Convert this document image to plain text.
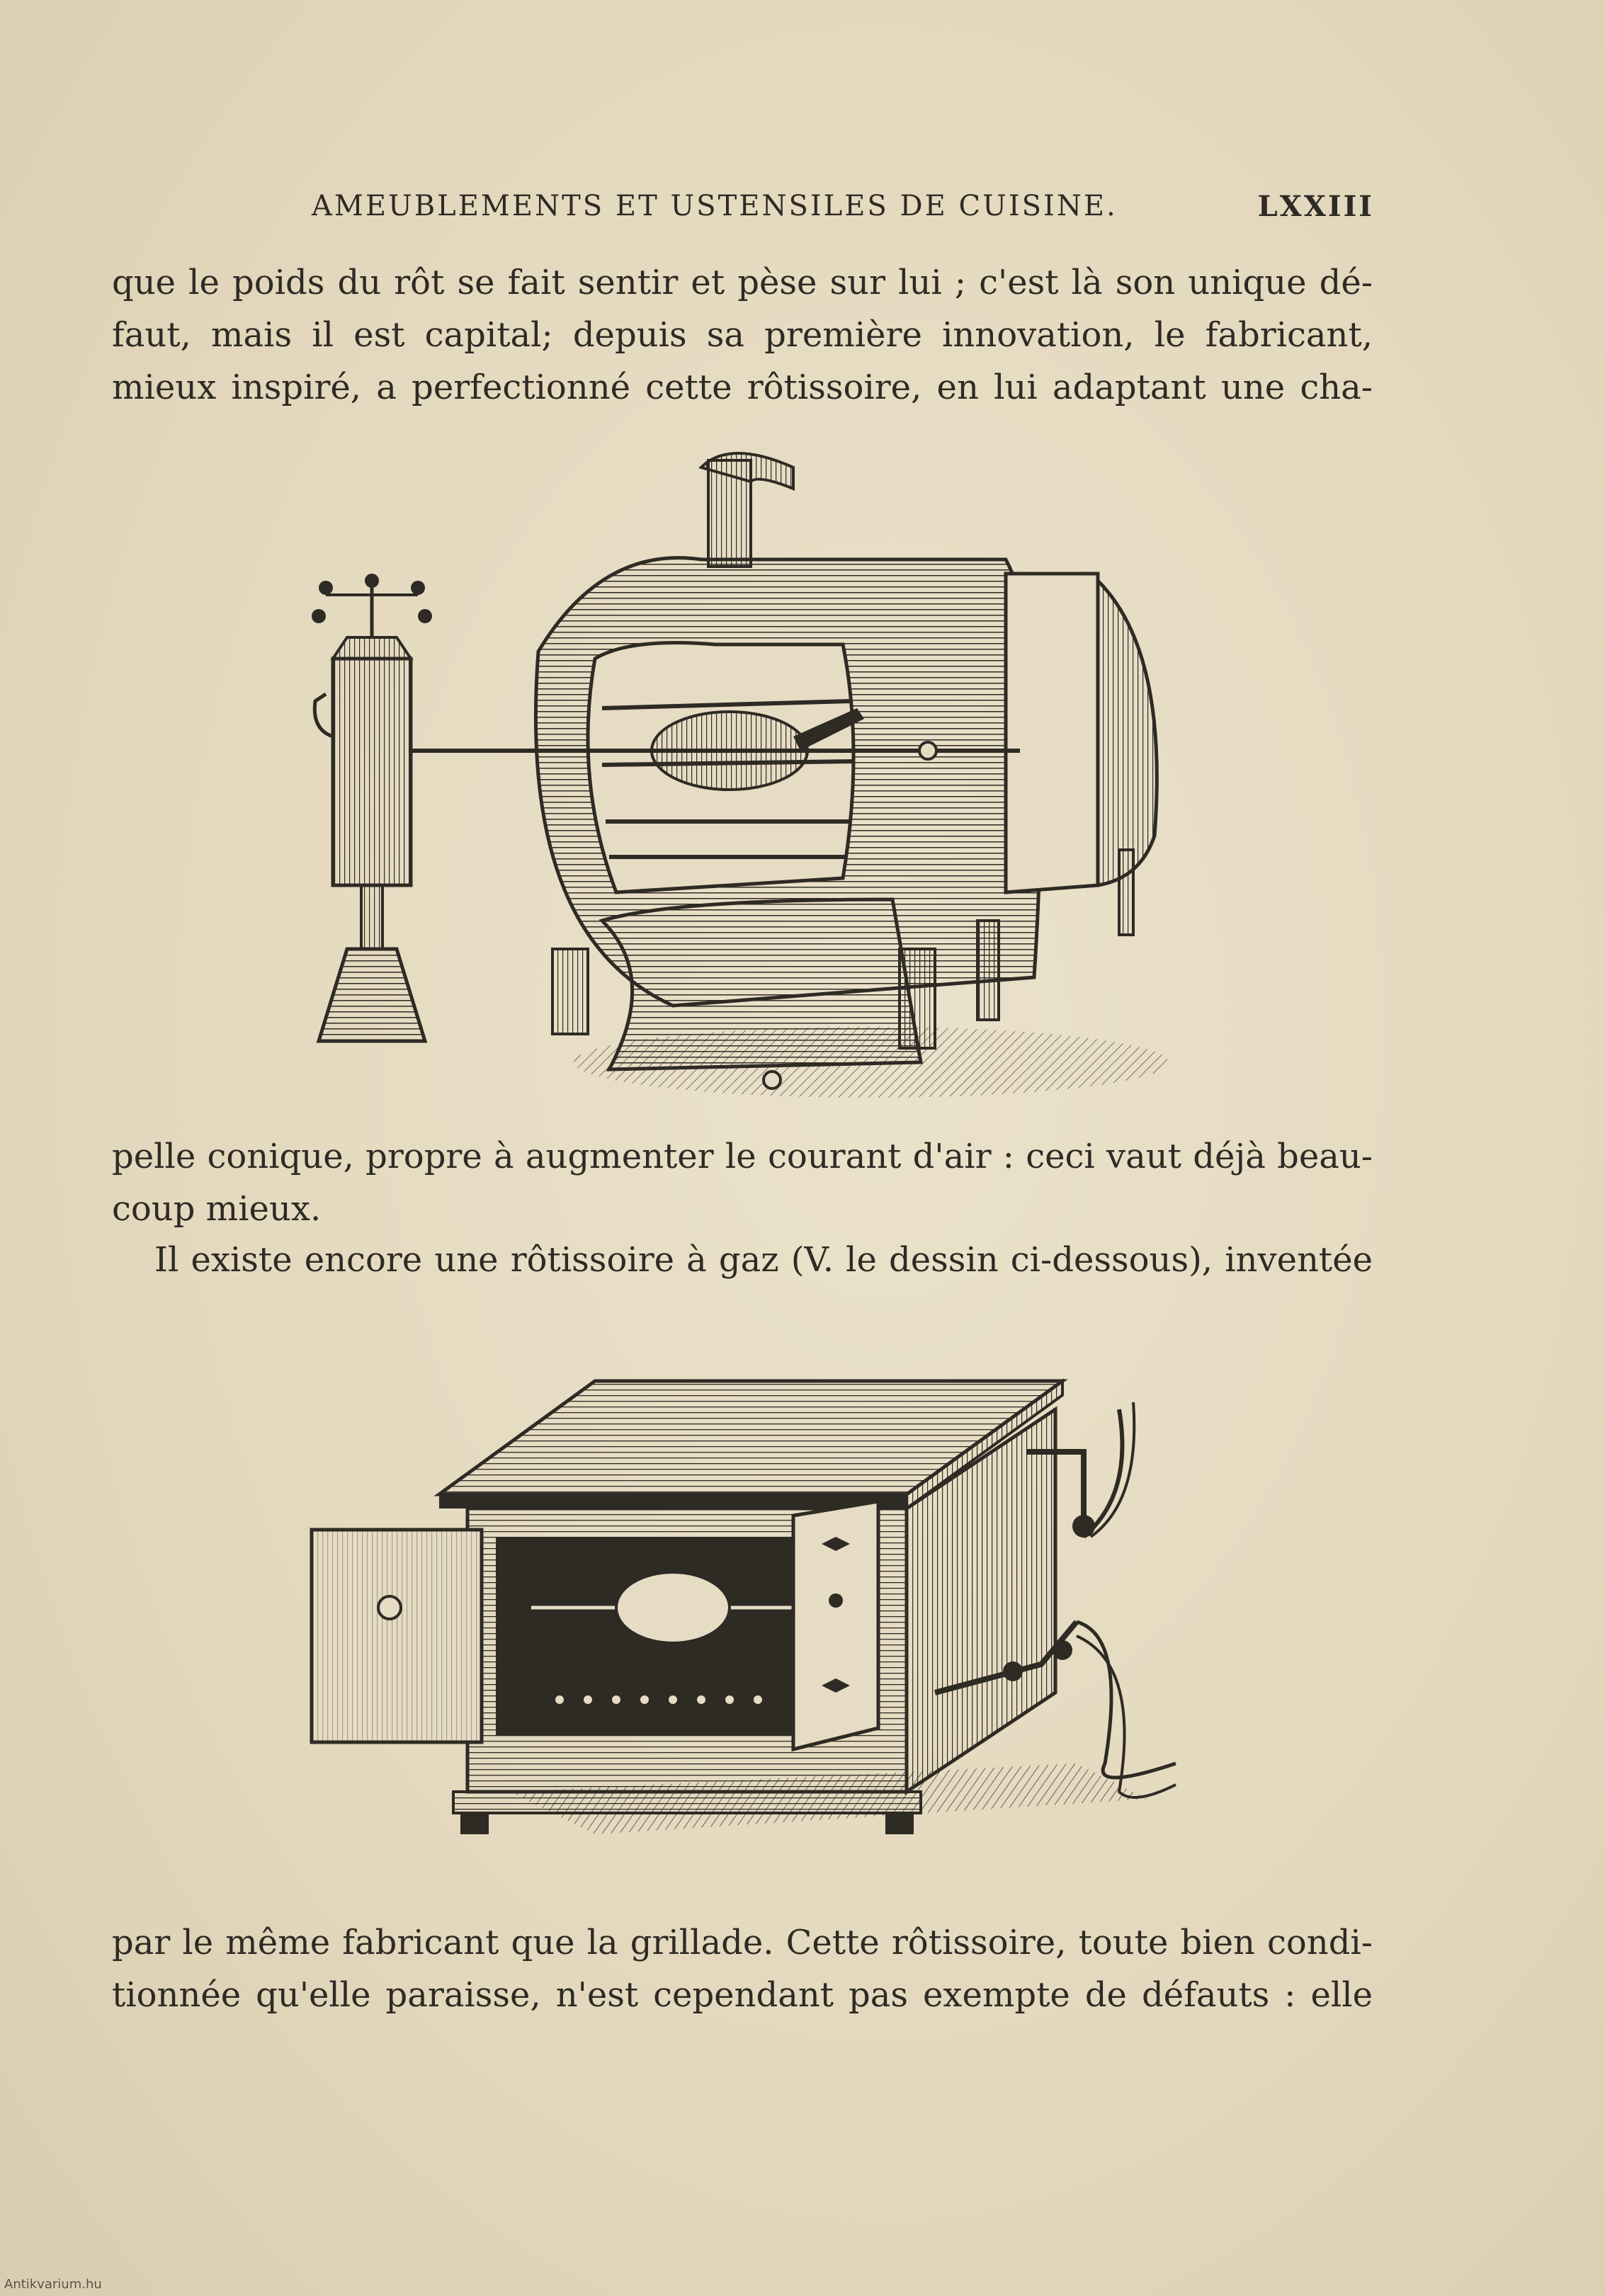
AMEUBLEMENTS ET USTENSILES DE CUISINE.	LXXIII
que le poids du rôt se fait sentir et pèse sur lui ; c'est là son unique dé-
faut, mais il est capital; depuis sa première innovation, le fabricant,
mieux inspiré, a perfectionné cette rôtissoire, en lui adaptant une cha-
pelle conique, propre à augmenter le courant d'air : ceci vaut déjà beau-
coup mieux.
Il existe encore une rôtissoire à gaz (V. le dessin ci-dessous), inventée
par le même fabricant que la grillade. Cette rôtissoire, toute bien condi-
tionnée qu'elle paraisse, n'est cependant pas exempte de défauts : elle
Antikvarium.hu
